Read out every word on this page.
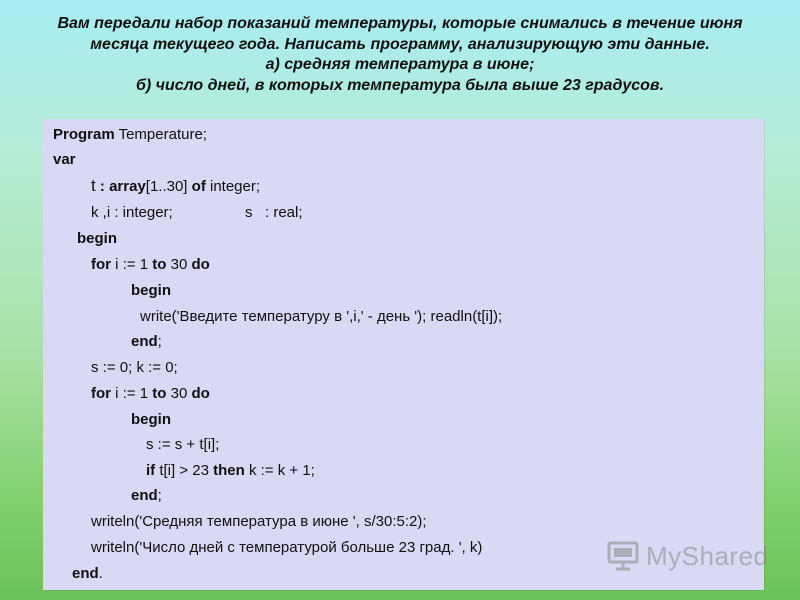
Вам передали набор показаний температуры, которые снимались в течение июня
месяца текущего года. Написать программу, анализирующую эти данные.
а) средняя температура в июне;
б) число дней, в которых температура была выше 23 градусов.
Program Temperature;
var
t : array[1..30] of integer;
k ,i : integer;	s   : real;
begin
for i := 1 to 30 do
begin
write('Введите температуру в ',i,' - день '); readln(t[i]);
end;
s := 0; k := 0;
for i := 1 to 30 do
begin
s := s + t[i];
if t[i] > 23 then k := k + 1;
end;
writeln('Средняя температура в июне ', s/30:5:2);
writeln('Число дней с температурой больше 23 град. ', k)
end.
MyShared
